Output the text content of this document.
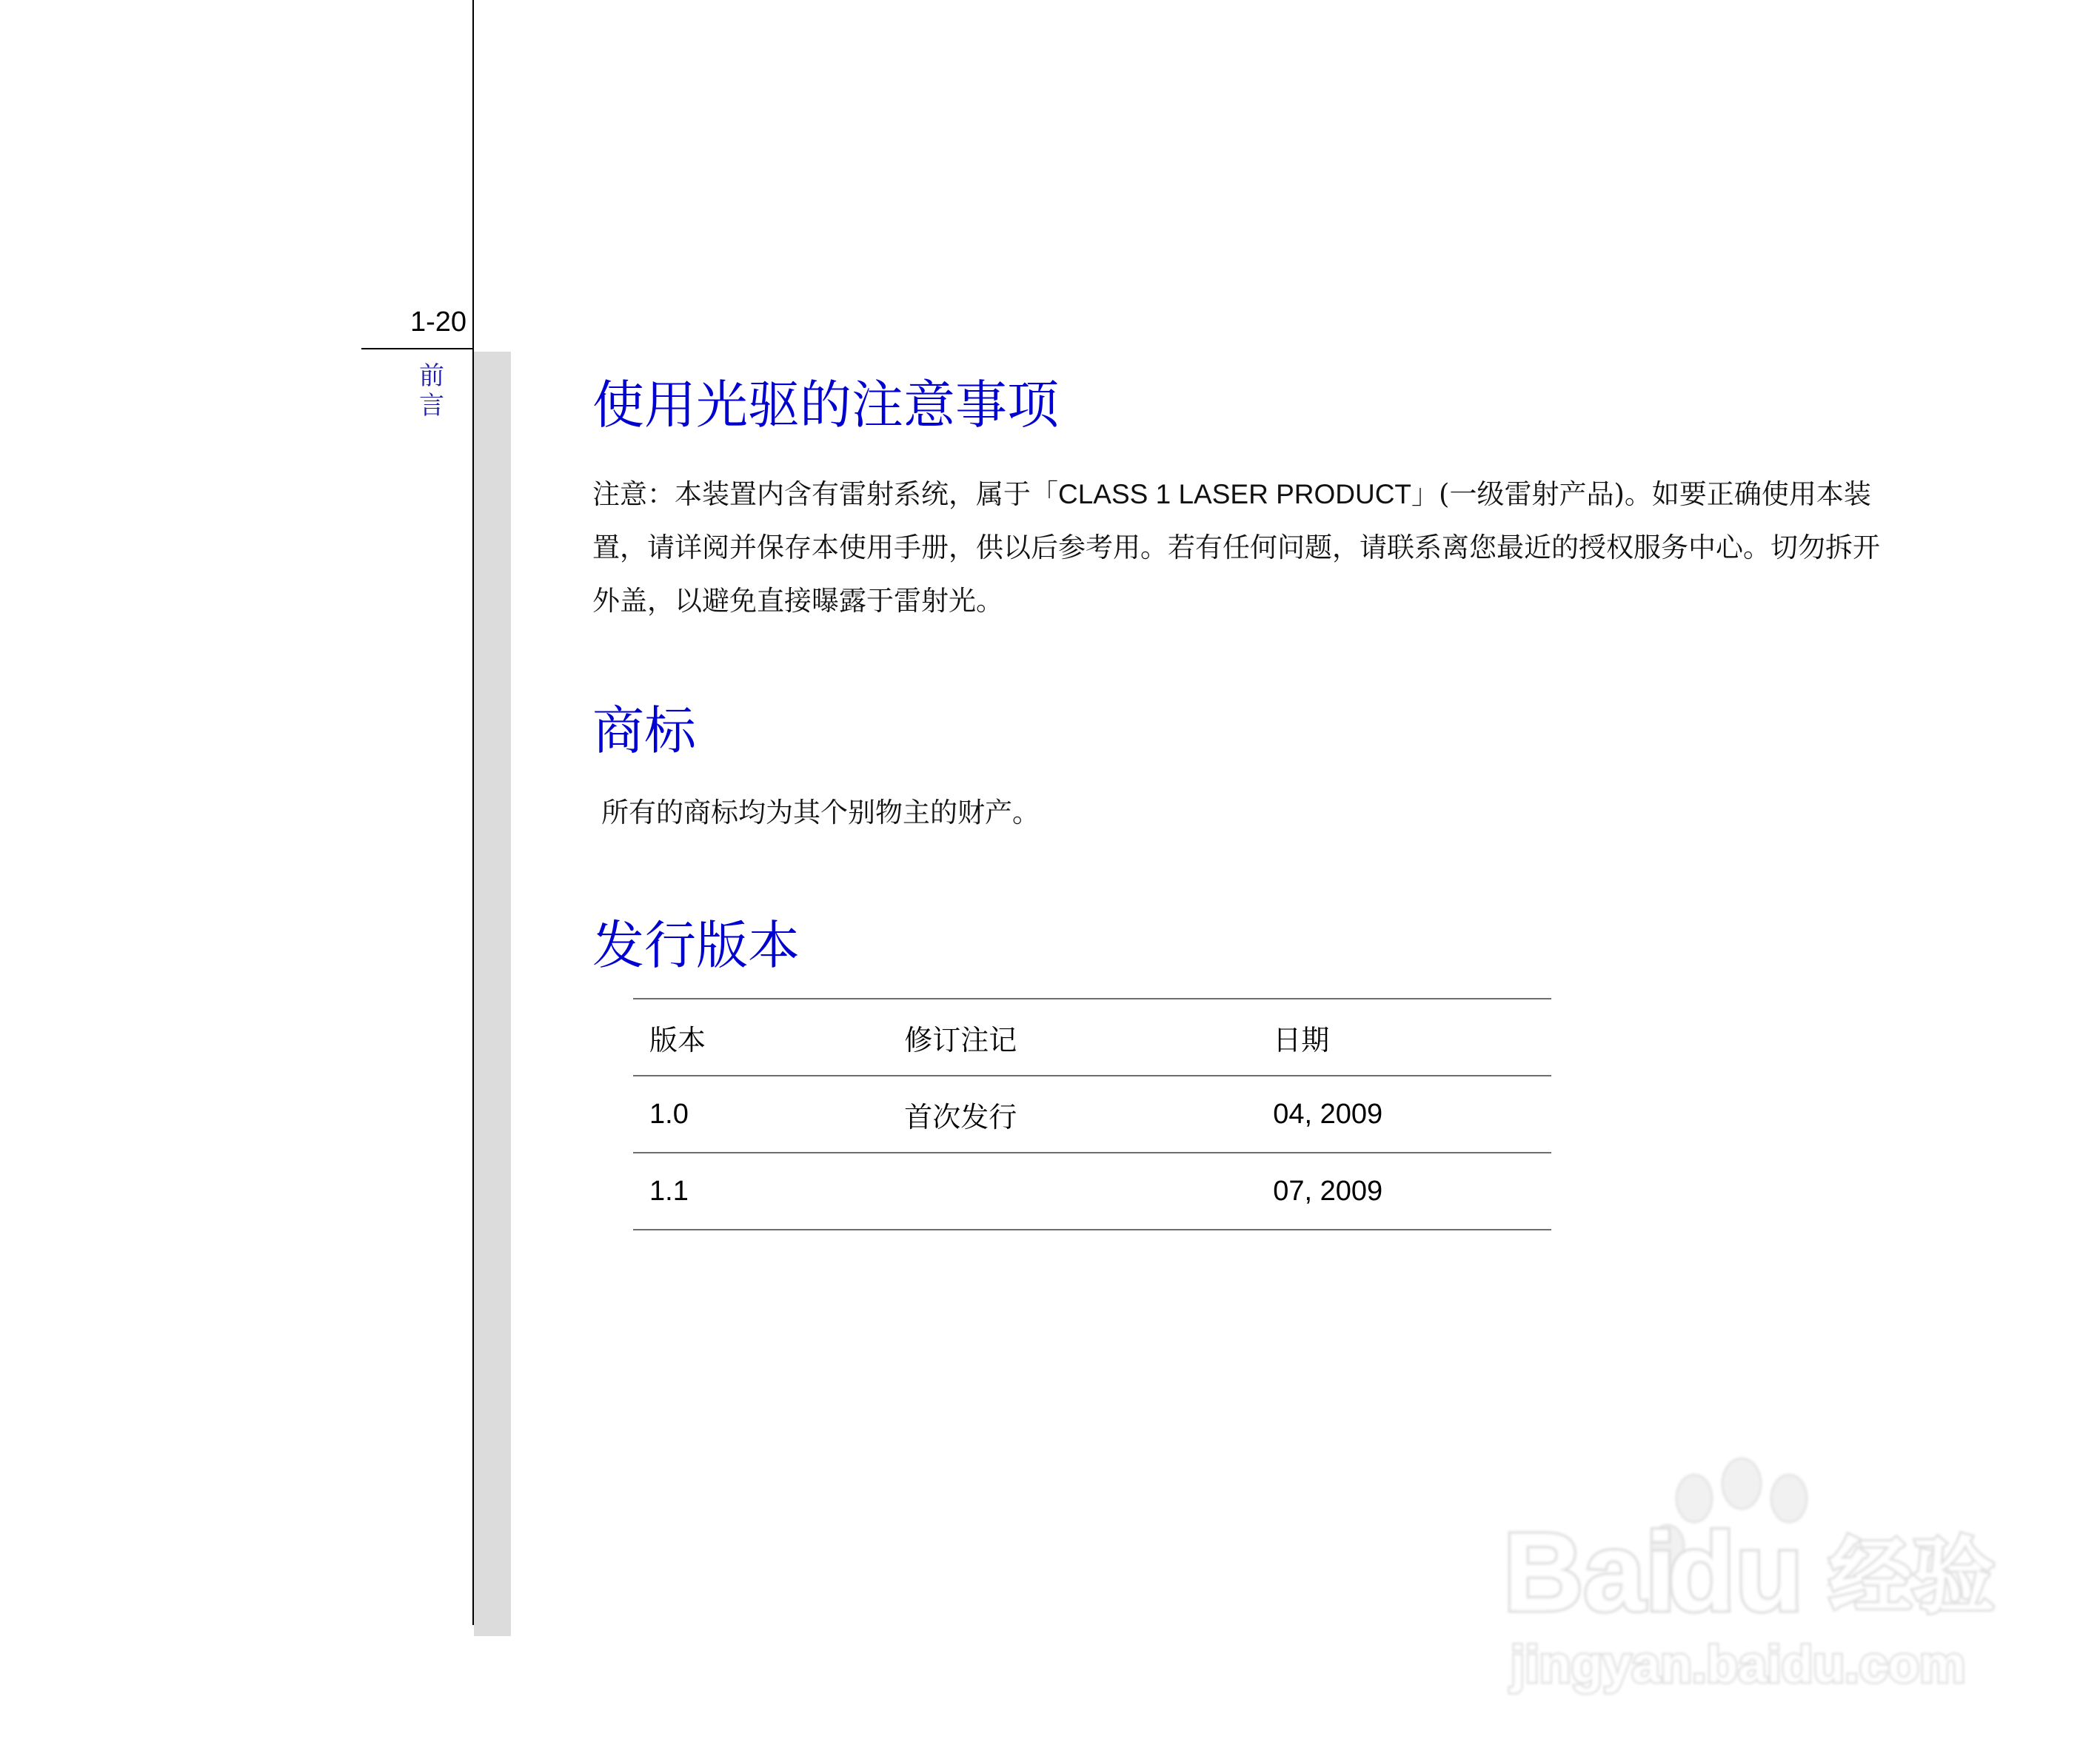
1-20
前言	使用光驱的注意事项

注意：本装置内含有雷射系统，属于「CLASS 1 LASER PRODUCT」(一级雷射产品)。如要正确使用本装置，请详阅并保存本使用手册，供以后参考用。若有任何问题，请联系离您最近的授权服务中心。切勿拆开外盖，以避免直接曝露于雷射光。

商标

所有的商标均为其个别物主的财产。

发行版本
版本	修订注记	日期
1.0	首次发行	04, 2009
1.1		07, 2009
Bai
du 经验
jingyan.baidu.com
